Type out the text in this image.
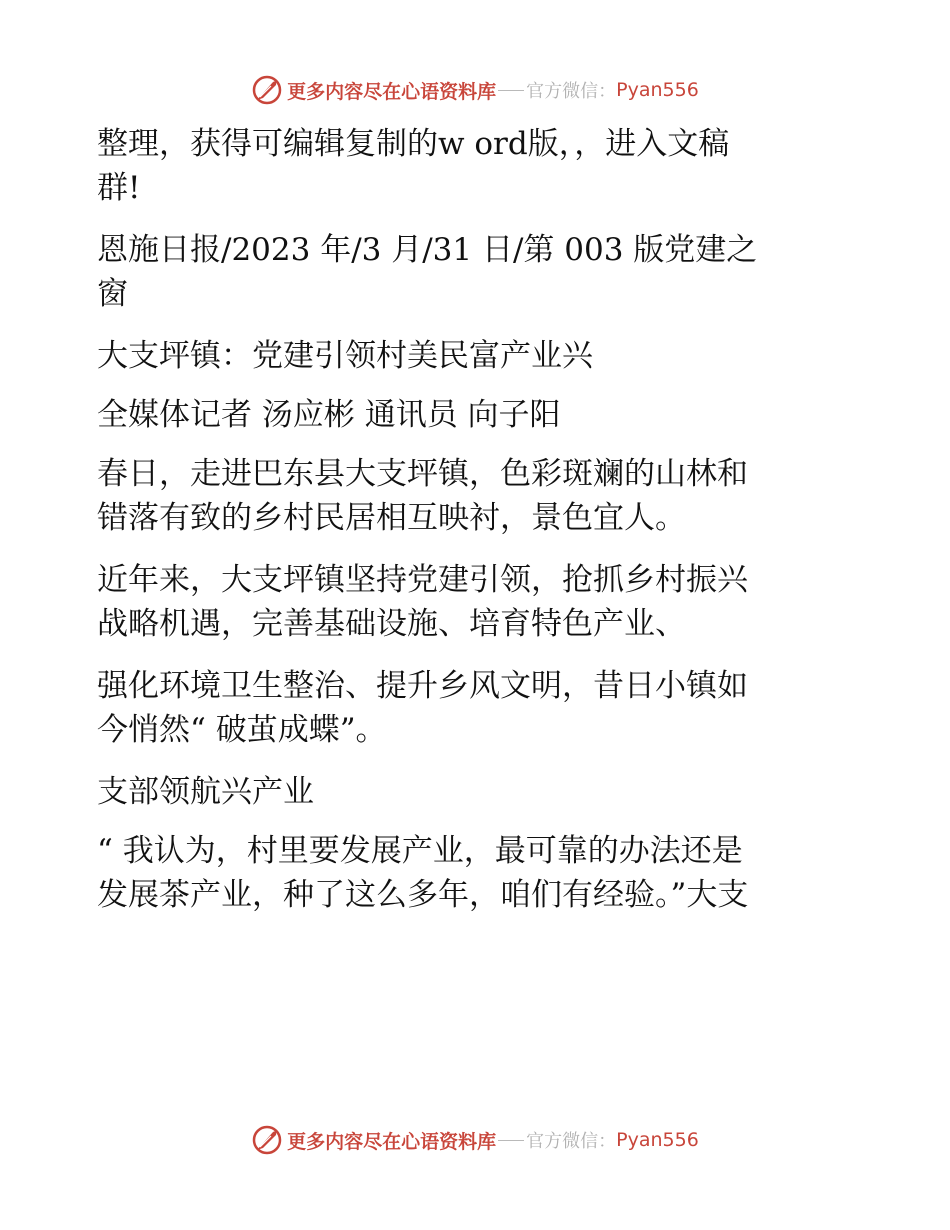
更多内容尽在心语资料库 官方微信： Pyan556
整理，获得可编辑复制的w ord版，，进入文稿
群!
恩施日报/2023 年/3 月/31 日/第 003 版党建之
窗
大支坪镇：党建引领村美民富产业兴
全媒体记者 汤应彬 通讯员 向子阳
春日，走进巴东县大支坪镇，色彩斑斓的山林和
错落有致的乡村民居相互映衬，景色宜人。
近年来，大支坪镇坚持党建引领，抢抓乡村振兴
战略机遇，完善基础设施、培育特色产业、
强化环境卫生整治、提升乡风文明，昔日小镇如
今悄然“ 破茧成蝶”。
支部领航兴产业
“ 我认为，村里要发展产业，最可靠的办法还是
发展茶产业，种了这么多年，咱们有经验。”大支
更多内容尽在心语资料库 官方微信： Pyan556
